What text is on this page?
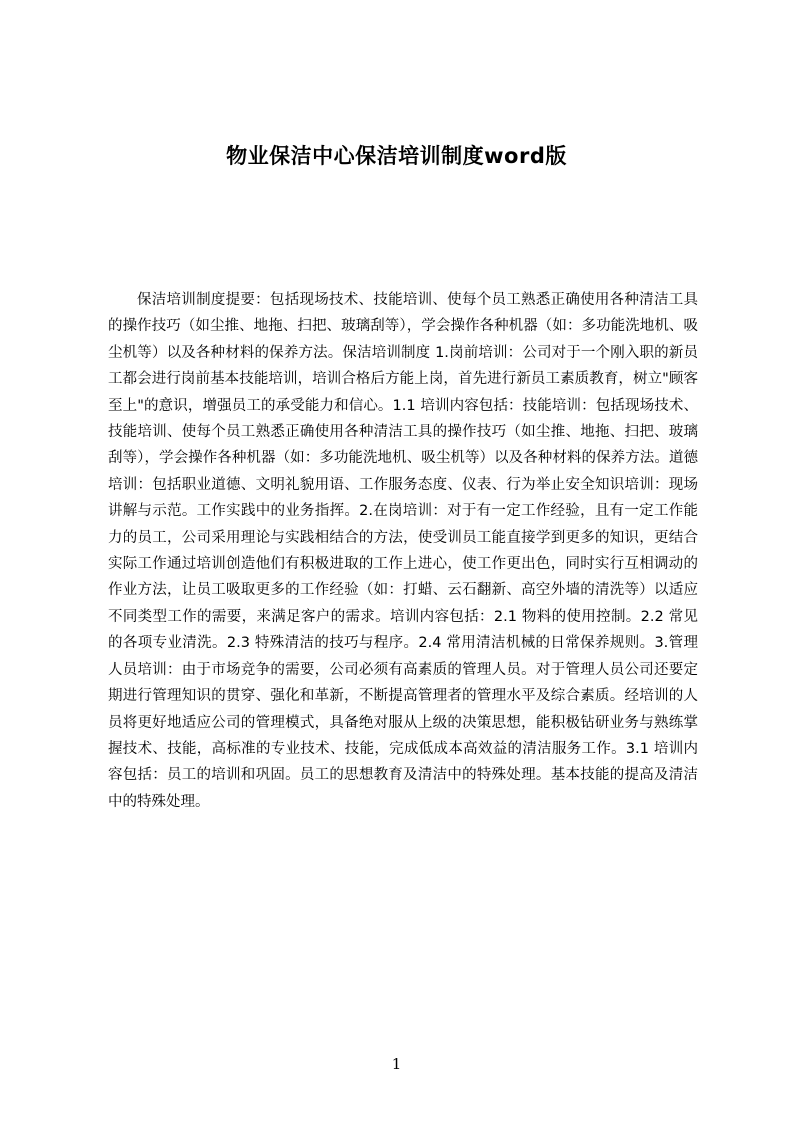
物业保洁中心保洁培训制度word版

保洁培训制度提要：包括现场技术、技能培训、使每个员工熟悉正确使用各种清洁工具的操作技巧（如尘推、地拖、扫把、玻璃刮等），学会操作各种机器（如：多功能洗地机、吸尘机等）以及各种材料的保养方法。保洁培训制度 1.岗前培训：公司对于一个刚入职的新员工都会进行岗前基本技能培训，培训合格后方能上岗，首先进行新员工素质教育，树立"顾客至上"的意识，增强员工的承受能力和信心。1.1 培训内容包括：技能培训：包括现场技术、技能培训、使每个员工熟悉正确使用各种清洁工具的操作技巧（如尘推、地拖、扫把、玻璃刮等），学会操作各种机器（如：多功能洗地机、吸尘机等）以及各种材料的保养方法。道德培训：包括职业道德、文明礼貌用语、工作服务态度、仪表、行为举止安全知识培训：现场讲解与示范。工作实践中的业务指挥。2.在岗培训：对于有一定工作经验，且有一定工作能力的员工，公司采用理论与实践相结合的方法，使受训员工能直接学到更多的知识，更结合实际工作通过培训创造他们有积极进取的工作上进心，使工作更出色，同时实行互相调动的作业方法，让员工吸取更多的工作经验（如：打蜡、云石翻新、高空外墙的清洗等）以适应不同类型工作的需要，来满足客户的需求。培训内容包括：2.1 物料的使用控制。2.2 常见的各项专业清洗。2.3 特殊清洁的技巧与程序。2.4 常用清洁机械的日常保养规则。3.管理人员培训：由于市场竞争的需要，公司必须有高素质的管理人员。对于管理人员公司还要定期进行管理知识的贯穿、强化和革新，不断提高管理者的管理水平及综合素质。经培训的人员将更好地适应公司的管理模式，具备绝对服从上级的决策思想，能积极钻研业务与熟练掌握技术、技能，高标准的专业技术、技能，完成低成本高效益的清洁服务工作。3.1 培训内容包括：员工的培训和巩固。员工的思想教育及清洁中的特殊处理。基本技能的提高及清洁中的特殊处理。

1
